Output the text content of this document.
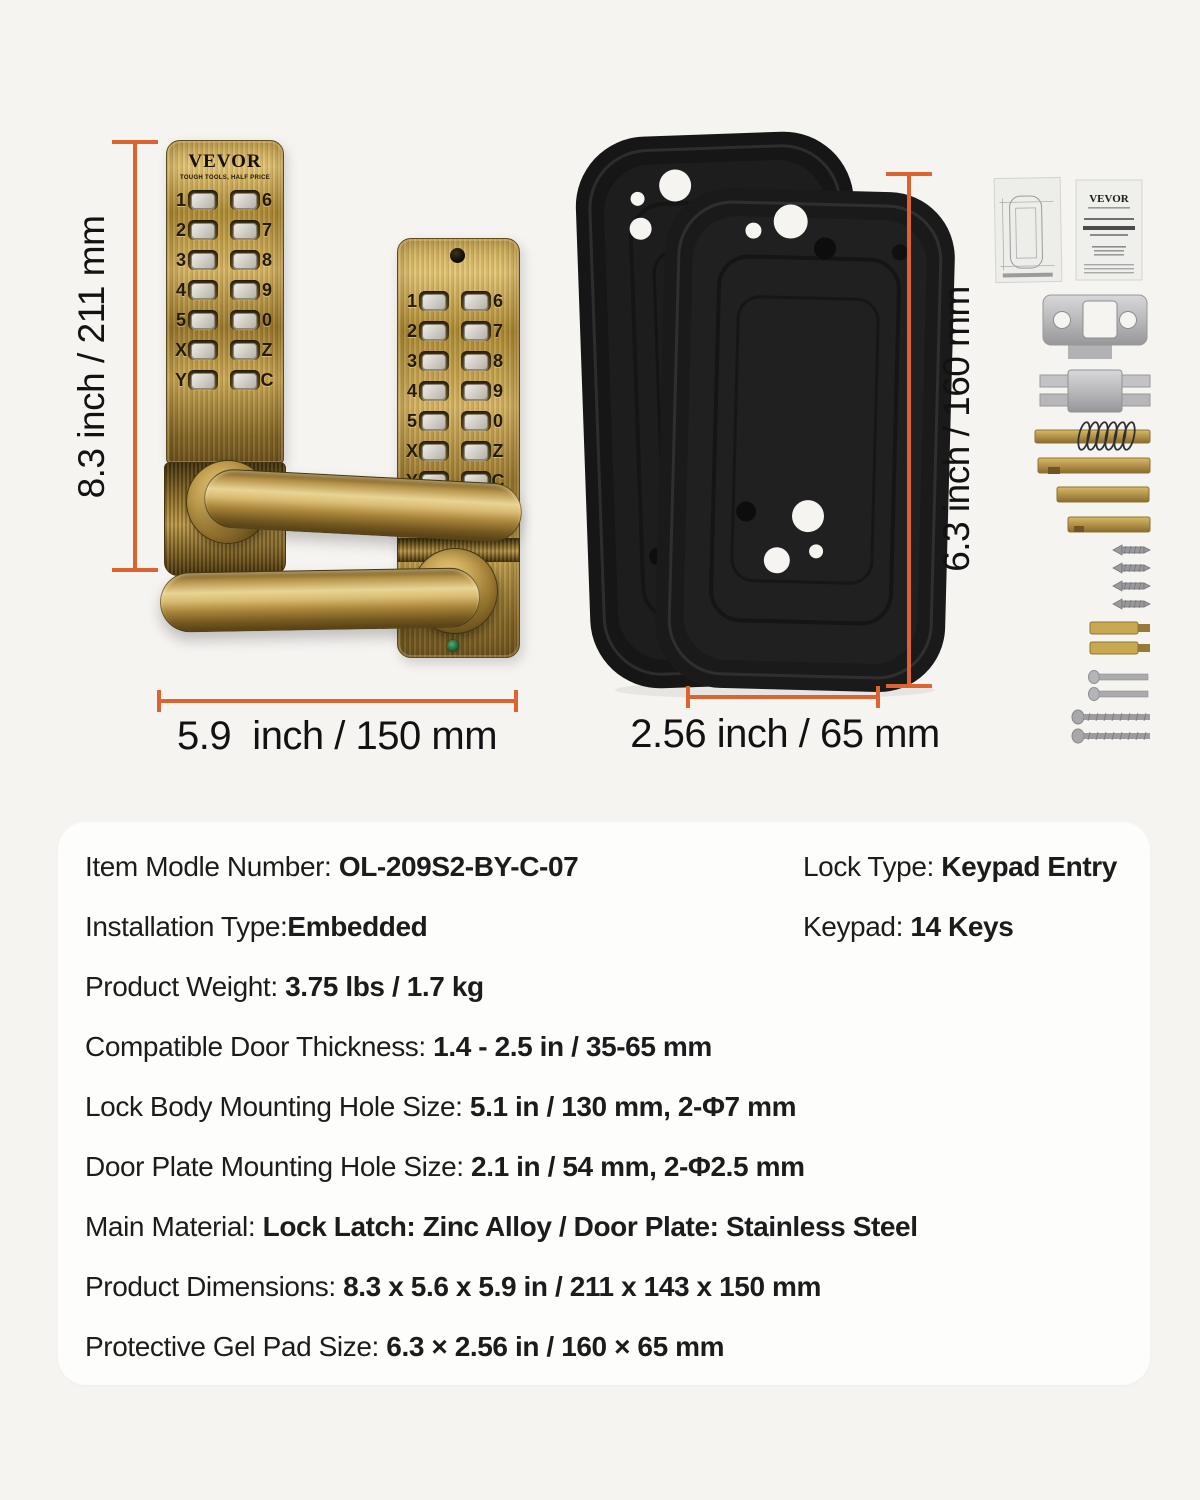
8.3 inch / 211 mm
VEVOR
TOUGH TOOLS, HALF PRICE
1	6
2	7
3	8
4	9
5	0
X	Z
Y	C
1	6
2	7
3	8
4	9
5	0
X	Z
C
5.9  inch / 150 mm
6.3 inch / 160 mm
2.56 inch / 65 mm
VEVOR
Item Modle Number: OL-209S2-BY-C-07
Installation Type:Embedded
Product Weight: 3.75 lbs / 1.7 kg
Compatible Door Thickness: 1.4 - 2.5 in / 35-65 mm
Lock Body Mounting Hole Size: 5.1 in / 130 mm, 2-Φ7 mm
Door Plate Mounting Hole Size: 2.1 in / 54 mm, 2-Φ2.5 mm
Main Material: Lock Latch: Zinc Alloy / Door Plate: Stainless Steel
Product Dimensions: 8.3 x 5.6 x 5.9 in / 211 x 143 x 150 mm
Protective Gel Pad Size: 6.3 × 2.56 in / 160 × 65 mm
Lock Type: Keypad Entry
Keypad: 14 Keys
